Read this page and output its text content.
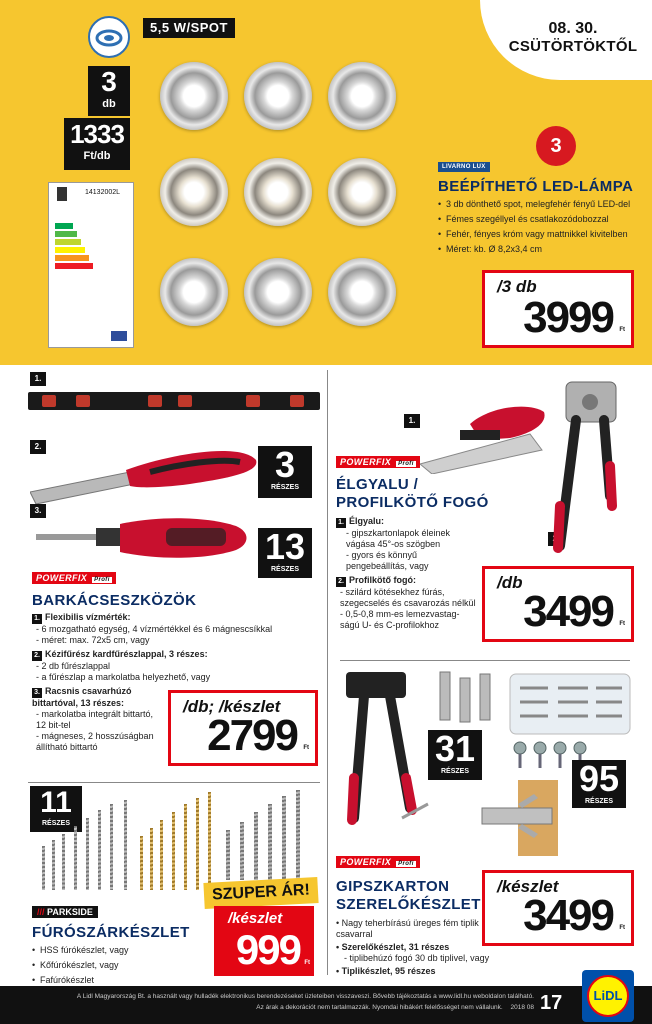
08. 30.
CSÜTÖRTÖKTŐL
5,5 W/SPOT
3
db
1333
Ft/db
14132002L
3
LIVARNO LUX
BEÉPÍTHETŐ LED-LÁMPA
• 3 db dönthető spot, melegfehér fényű LED-del
• Fémes szegéllyel és csatlakozódobozzal
• Fehér, fényes króm vagy mattnikkel kivitelben
• Méret: kb. Ø 8,2x3,4 cm
/3 db
3999 Ft
1.
2.	3
RÉSZES
3.
13
RÉSZES
POWERFIX Profi
BARKÁCSESZKÖZÖK
1. Flexibilis vízmérték:
- 6 mozgatható egység, 4 vízmértékkel és 6 mágnescsíkkal
- méret: max. 72x5 cm, vagy
2. Kézifűrész kardfűrészlappal, 3 részes:
- 2 db fűrészlappal
- a fűrészlap a markolatba helyezhető, vagy
3. Racsnis csavarhúzó bittartóval, 13 részes:
- markolatba integrált bittartó, 12 bit-tel
- mágneses, 2 hosszúságban állítható bittartó
/db; /készlet
2799 Ft
1.
POWERFIX Profi
ÉLGYALU /
PROFILKÖTŐ FOGÓ
1. Élgyalu:
- gipszkartonlapok éleinek vágása 45°-os szögben
- gyors és könnyű pengebeállítás, vagy
2. Profilkötő fogó:
- szilárd kötésekhez fúrás, szegecselés és csavarozás nélkül
- 0,5-0,8 mm-es lemezvastag-ságú U- és C-profilokhoz
/db
3499 Ft
31
RÉSZES	95
RÉSZES
POWERFIX Profi
GIPSZKARTON
SZERELŐKÉSZLET
• Nagy teherbírású üreges fém tiplik csavarral
• Szerelőkészlet, 31 részes
- tiplibehúzó fogó 30 db tiplivel, vagy
• Tiplikészlet, 95 részes
/készlet
3499 Ft
11
RÉSZES
/// PARKSIDE
FÚRÓSZÁRKÉSZLET
• HSS fúrókészlet, vagy
• Kőfúrókészlet, vagy
• Fafúrókészlet
SZUPER ÁR!
/készlet
999 Ft
A Lidl Magyarország Bt. a használt vagy hulladék elektronikus berendezéseket üzleteiben visszaveszi. Bővebb tájékoztatás a www.lidl.hu weboldalon található.
Az árak a dekorációt nem tartalmazzák. Nyomdai hibákért felelősséget nem vállalunk. 2018 08 17	LiDL
